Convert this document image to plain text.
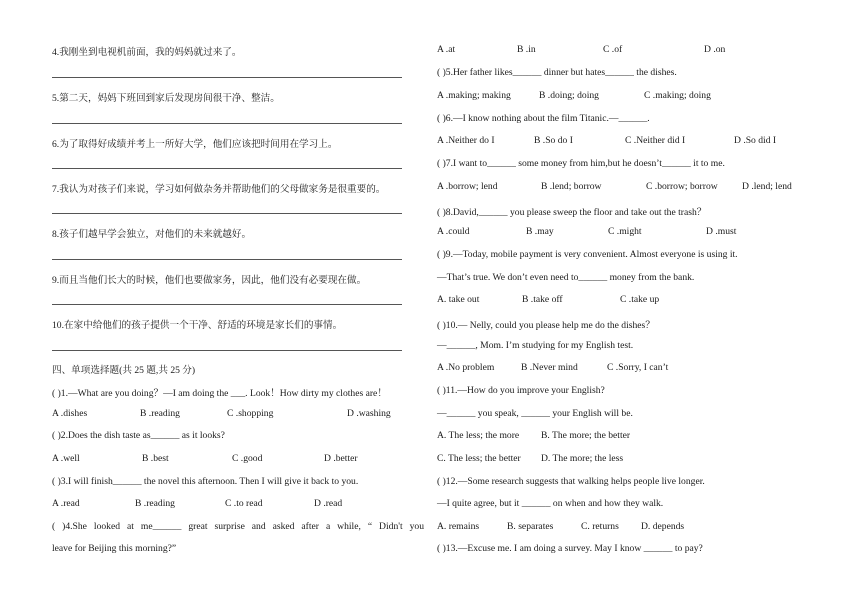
4.我刚坐到电视机前面，我的妈妈就过来了。
5.第二天，妈妈下班回到家后发现房间很干净、整洁。
6.为了取得好成绩并考上一所好大学，他们应该把时间用在学习上。
7.我认为对孩子们来说，学习如何做杂务并帮助他们的父母做家务是很重要的。
8.孩子们越早学会独立，对他们的未来就越好。
9.而且当他们长大的时候，他们也要做家务，因此，他们没有必要现在做。
10.在家中给他们的孩子提供一个干净、舒适的环境是家长们的事情。
四、单项选择题(共 25 题,共 25 分)
( )1.—What are you doing？—I am doing the ___. Look！How dirty my clothes are！
A .dishes	B .reading	C .shopping	D .washing
( )2.Does the dish taste as______ as it looks?
A .well	B .best	C .good	D .better
( )3.I will finish______ the novel this afternoon. Then I will give it back to you.
A .read	B .reading	C .to read	D .read
( )4.She looked at me______ great surprise and asked after a while, “ Didn't you
leave for Beijing this morning?”
A .at	B .in	C .of	D .on
( )5.Her father likes______ dinner but hates______ the dishes.
A .making; making	B .doing; doing	C .making; doing
( )6.—I know nothing about the film Titanic.—______.
A .Neither do I	B .So do I	C .Neither did I	D .So did I
( )7.I want to______ some money from him,but he doesn’t______ it to me.
A .borrow; lend	B .lend; borrow	C .borrow; borrow	D .lend; lend
( )8.David,______ you please sweep the floor and take out the trash？
A .could	B .may	C .might	D .must
( )9.—Today, mobile payment is very convenient. Almost everyone is using it.
—That’s true. We don’t even need to______ money from the bank.
A. take out	B .take off	C .take up
( )10.— Nelly, could you please help me do the dishes？
—______, Mom. I’m studying for my English test.
A .No problem	B .Never mind	C .Sorry, I can’t
( )11.—How do you improve your English?
—______ you speak, ______ your English will be.
A. The less; the more B. The more; the better
C. The less; the better D. The more; the less
( )12.—Some research suggests that walking helps people live longer.
—I quite agree, but it ______ on when and how they walk.
A. remains	B. separates	C. returns D. depends
( )13.—Excuse me. I am doing a survey. May I know ______ to pay?
